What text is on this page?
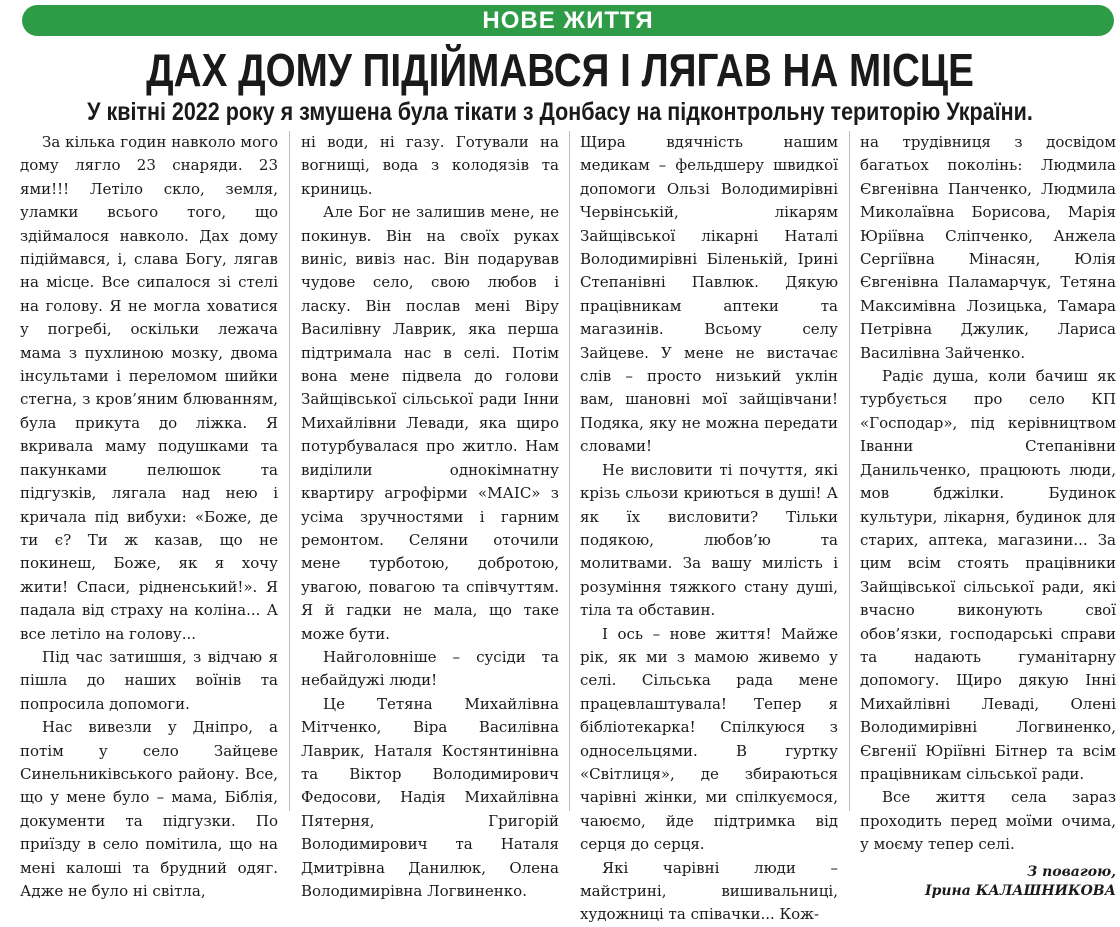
НОВЕ ЖИТТЯ
ДАХ ДОМУ ПІДІЙМАВСЯ І ЛЯГАВ НА МІСЦЕ
У квітні 2022 року я змушена була тікати з Донбасу на підконтрольну територію України.

За кілька годин навколо мого дому лягло 23 снаряди. 23 ями!!! Летіло скло, земля, уламки всього того, що здіймалося навколо. Дах дому підіймався, і, слава Богу, лягав на місце. Все сипалося зі стелі на голову. Я не могла ховатися у погребі, оскільки лежача мама з пухлиною мозку, двома інсультами і переломом шийки стегна, з кров’яним блюванням, була прикута до ліжка. Я вкривала маму подушками та пакунками пелюшок та підгузків, лягала над нею і кричала під вибухи: «Боже, де ти є? Ти ж казав, що не покинеш, Боже, як я хочу жити! Спаси, рідненський!». Я падала від страху на коліна... А все летіло на голову...

Під час затишшя, з відчаю я пішла до наших воїнів та попросила допомоги.

Нас вивезли у Дніпро, а потім у село Зайцеве Синельниківського району. Все, що у мене було – мама, Біблія, документи та підгузки. По приїзду в село помітила, що на мені калоші та брудний одяг. Адже не було ні світла,

ні води, ні газу. Готували на вогнищі, вода з колодязів та криниць.

Але Бог не залишив мене, не покинув. Він на своїх руках виніс, вивіз нас. Він подарував чудове село, свою любов і ласку. Він послав мені Віру Василівну Лаврик, яка перша підтримала нас в селі. Потім вона мене підвела до голови Зайщівської сільської ради Інни Михайлівни Левади, яка щиро потурбувалася про житло. Нам виділили однокімнатну квартиру агрофірми «МАІС» з усіма зручностями і гарним ремонтом. Селяни оточили мене турботою, добротою, увагою, повагою та співчуттям. Я й гадки не мала, що таке може бути.

Найголовніше – сусіди та небайдужі люди!

Це Тетяна Михайлівна Мітченко, Віра Василівна Лаврик, Наталя Костянтинівна та Віктор Володимирович Федосови, Надія Михайлівна Пятерня, Григорій Володимирович та Наталя Дмитрівна Данилюк, Олена Володимирівна Логвиненко.

Щира вдячність нашим медикам – фельдшеру швидкої допомоги Ользі Володимирівні Червінській, лікарям Зайщівської лікарні Наталі Володимирівні Біленькій, Ірині Степанівні Павлюк. Дякую працівникам аптеки та магазинів. Всьому селу Зайцеве. У мене не вистачає слів – просто низький уклін вам, шановні мої зайщівчани! Подяка, яку не можна передати словами!

Не висловити ті почуття, які крізь сльози криються в душі! А як їх висловити? Тільки подякою, любов’ю та молитвами. За вашу милість і розуміння тяжкого стану душі, тіла та обставин.

І ось – нове життя! Майже рік, як ми з мамою живемо у селі. Сільська рада мене працевлаштувала! Тепер я бібліотекарка! Спілкуюся з односельцями. В гуртку «Світлиця», де збираються чарівні жінки, ми спілкуємося, чаюємо, йде підтримка від серця до серця.

Які чарівні люди – майстрині, вишивальниці, художниці та співачки... Кож-

на трудівниця з досвідом багатьох поколінь: Людмила Євгенівна Панченко, Людмила Миколаївна Борисова, Марія Юріївна Сліпченко, Анжела Сергіївна Мінасян, Юлія Євгенівна Паламарчук, Тетяна Максимівна Лозицька, Тамара Петрівна Джулик, Лариса Василівна Зайченко.

Радіє душа, коли бачиш як турбується про село КП «Господар», під керівництвом Іванни Степанівни Данильченко, працюють люди, мов бджілки. Будинок культури, лікарня, будинок для старих, аптека, магазини... За цим всім стоять працівники Зайщівської сільської ради, які вчасно виконують свої обов’язки, господарські справи та надають гуманітарну допомогу. Щиро дякую Інні Михайлівні Леваді, Олені Володимирівні Логвиненко, Євгенії Юріївні Бітнер та всім працівникам сільської ради.

Все життя села зараз проходить перед моїми очима, у моєму тепер селі.

З повагою,
Ірина КАЛАШНИКОВА
